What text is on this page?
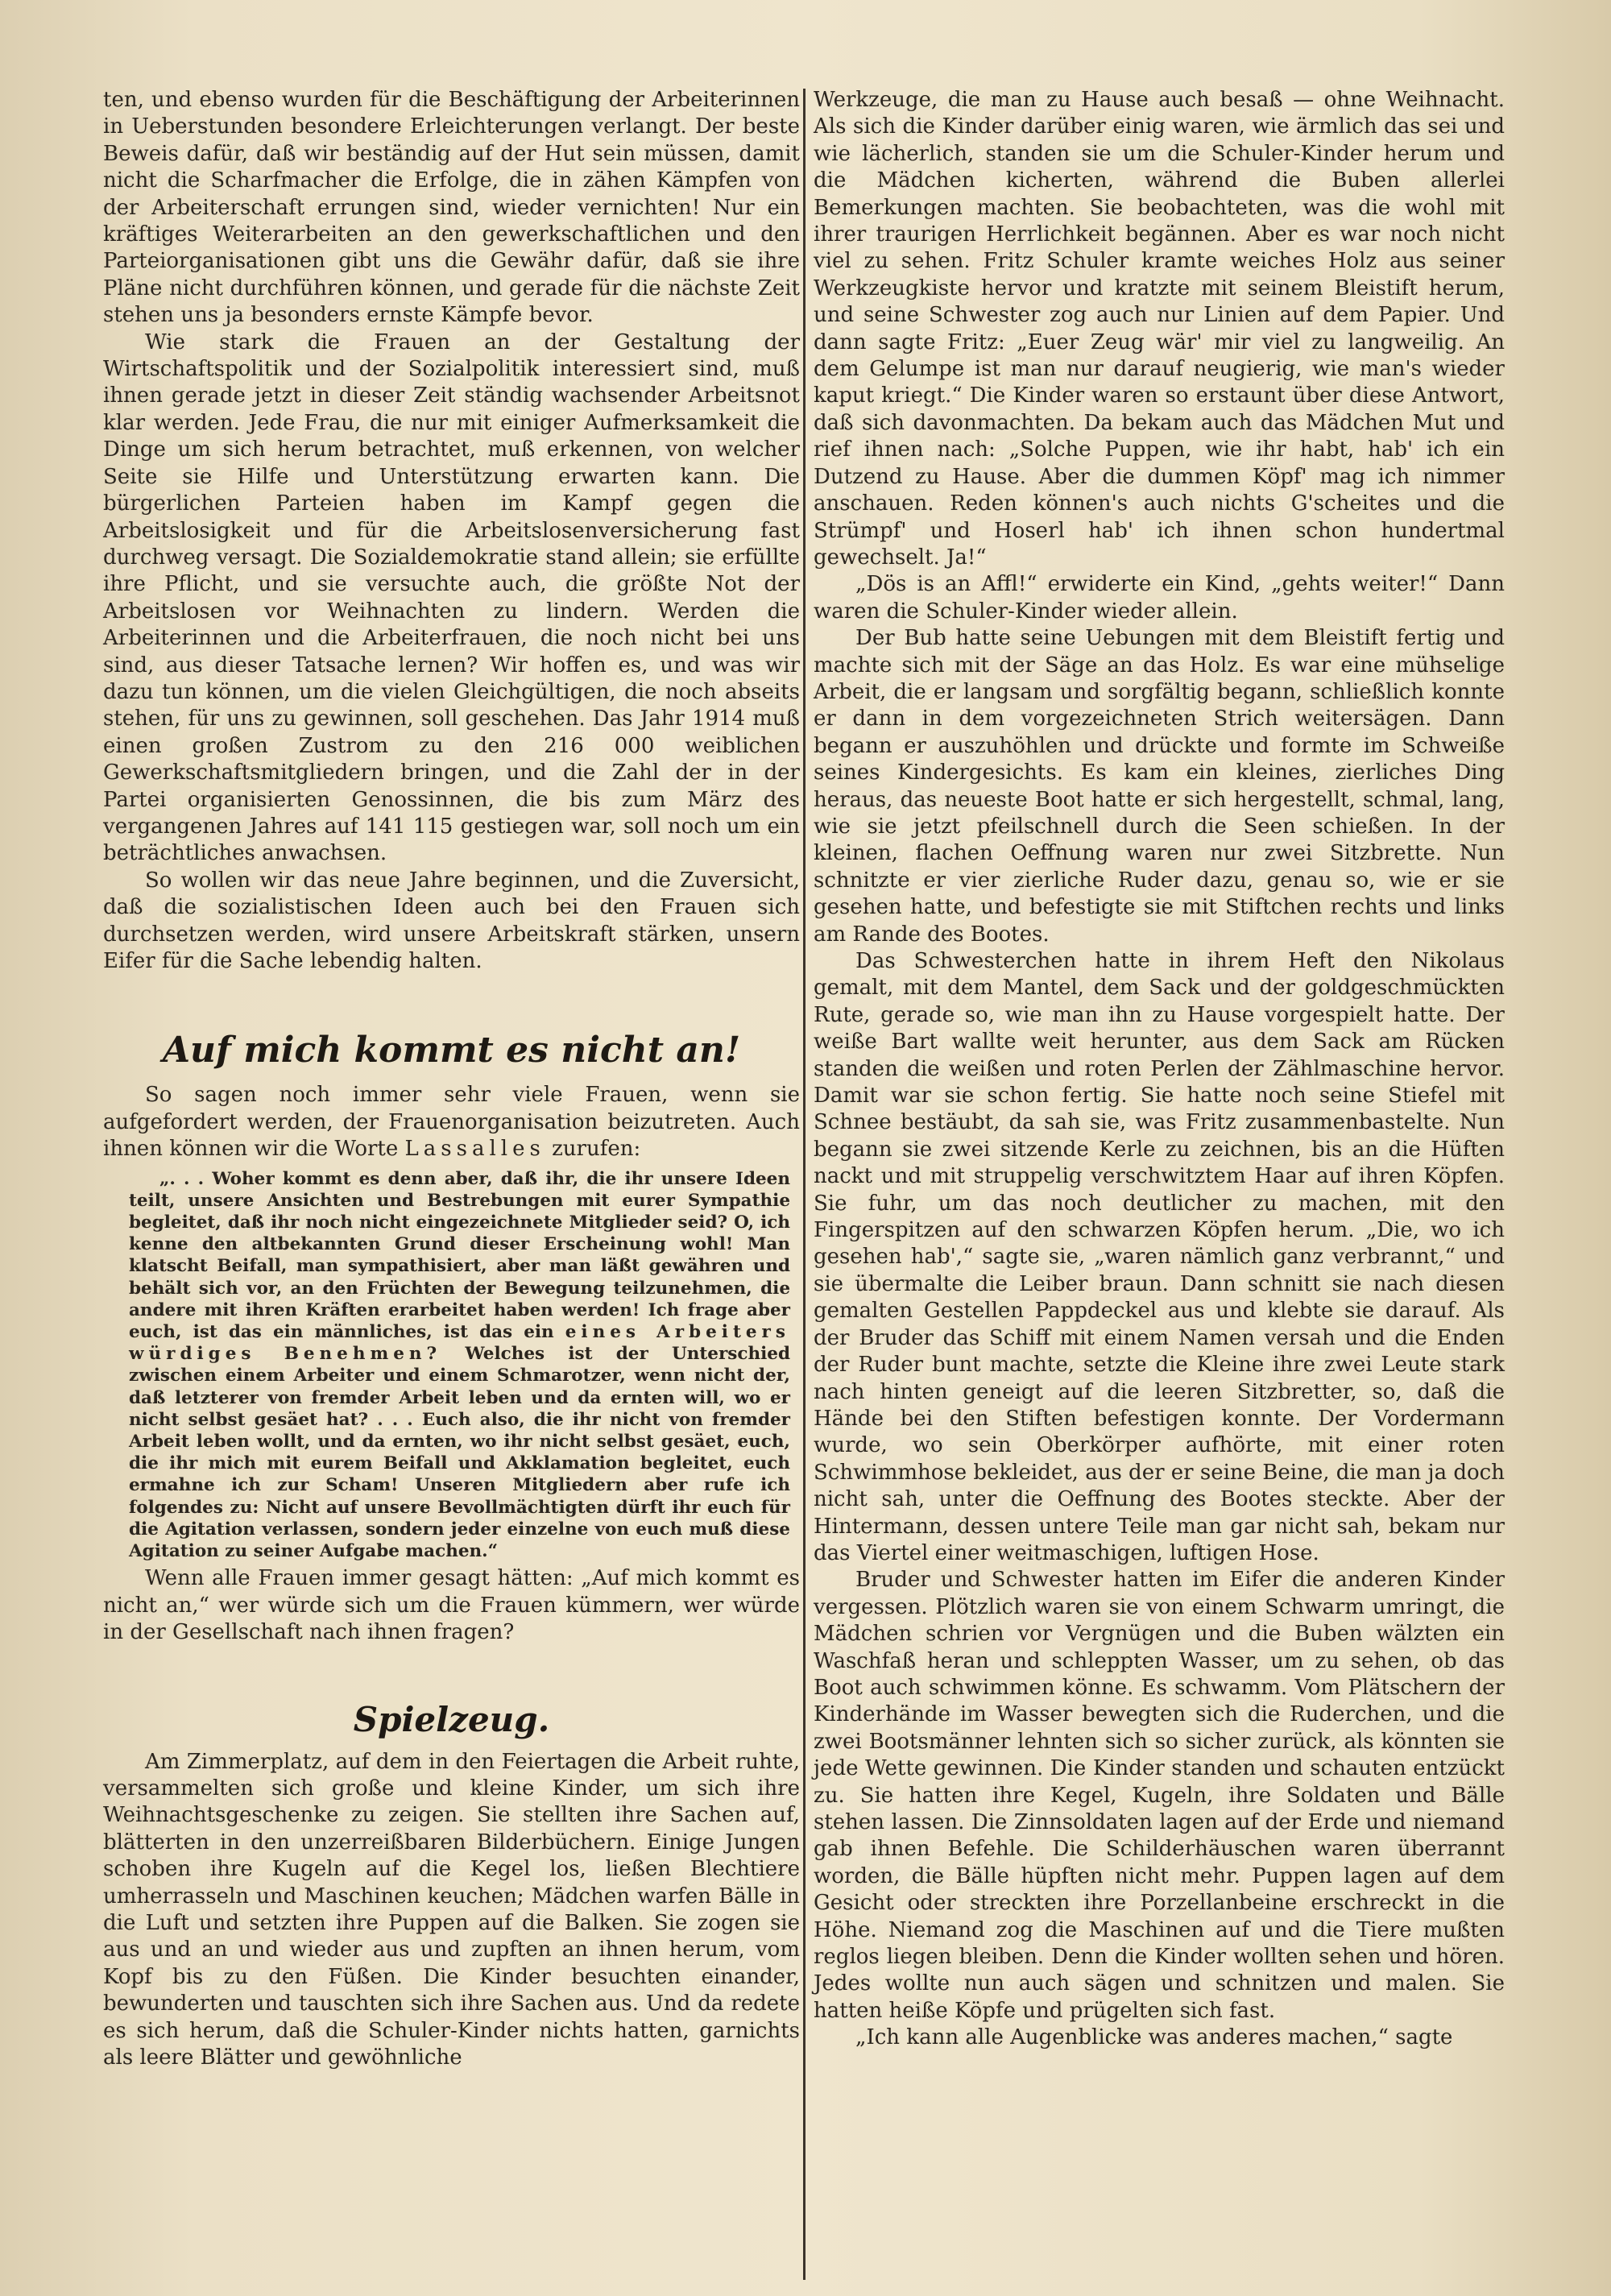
ten, und ebenso wurden für die Beschäftigung der Arbeiterinnen in Ueberstunden besondere Erleichterungen verlangt. Der beste Beweis dafür, daß wir beständig auf der Hut sein müssen, damit nicht die Scharfmacher die Erfolge, die in zähen Kämpfen von der Arbeiterschaft errungen sind, wieder vernichten! Nur ein kräftiges Weiterarbeiten an den gewerkschaftlichen und den Parteiorganisationen gibt uns die Gewähr dafür, daß sie ihre Pläne nicht durchführen können, und gerade für die nächste Zeit stehen uns ja besonders ernste Kämpfe bevor.

Wie stark die Frauen an der Gestaltung der Wirtschaftspolitik und der Sozialpolitik interessiert sind, muß ihnen gerade jetzt in dieser Zeit ständig wachsender Arbeitsnot klar werden. Jede Frau, die nur mit einiger Aufmerksamkeit die Dinge um sich herum betrachtet, muß erkennen, von welcher Seite sie Hilfe und Unterstützung erwarten kann. Die bürgerlichen Parteien haben im Kampf gegen die Arbeitslosigkeit und für die Arbeitslosenversicherung fast durchweg versagt. Die Sozialdemokratie stand allein; sie erfüllte ihre Pflicht, und sie versuchte auch, die größte Not der Arbeitslosen vor Weihnachten zu lindern. Werden die Arbeiterinnen und die Arbeiterfrauen, die noch nicht bei uns sind, aus dieser Tatsache lernen? Wir hoffen es, und was wir dazu tun können, um die vielen Gleichgültigen, die noch abseits stehen, für uns zu gewinnen, soll geschehen. Das Jahr 1914 muß einen großen Zustrom zu den 216 000 weiblichen Gewerkschaftsmitgliedern bringen, und die Zahl der in der Partei organisierten Genossinnen, die bis zum März des vergangenen Jahres auf 141 115 gestiegen war, soll noch um ein beträchtliches anwachsen.

So wollen wir das neue Jahre beginnen, und die Zuversicht, daß die sozialistischen Ideen auch bei den Frauen sich durchsetzen werden, wird unsere Arbeitskraft stärken, unsern Eifer für die Sache lebendig halten.

Auf mich kommt es nicht an!

So sagen noch immer sehr viele Frauen, wenn sie aufgefordert werden, der Frauenorganisation beizutreten. Auch ihnen können wir die Worte Lassalles zurufen:

„. . . Woher kommt es denn aber, daß ihr, die ihr unsere Ideen teilt, unsere Ansichten und Bestrebungen mit eurer Sympathie begleitet, daß ihr noch nicht eingezeichnete Mitglieder seid? O, ich kenne den altbekannten Grund dieser Erscheinung wohl! Man klatscht Beifall, man sympathisiert, aber man läßt gewähren und behält sich vor, an den Früchten der Bewegung teilzunehmen, die andere mit ihren Kräften erarbeitet haben werden! Ich frage aber euch, ist das ein männliches, ist das ein eines Arbeiters würdiges Benehmen? Welches ist der Unterschied zwischen einem Arbeiter und einem Schmarotzer, wenn nicht der, daß letzterer von fremder Arbeit leben und da ernten will, wo er nicht selbst gesäet hat? . . . Euch also, die ihr nicht von fremder Arbeit leben wollt, und da ernten, wo ihr nicht selbst gesäet, euch, die ihr mich mit eurem Beifall und Akklamation begleitet, euch ermahne ich zur Scham! Unseren Mitgliedern aber rufe ich folgendes zu: Nicht auf unsere Bevollmächtigten dürft ihr euch für die Agitation verlassen, sondern jeder einzelne von euch muß diese Agitation zu seiner Aufgabe machen.“

Wenn alle Frauen immer gesagt hätten: „Auf mich kommt es nicht an,“ wer würde sich um die Frauen kümmern, wer würde in der Gesellschaft nach ihnen fragen?

Spielzeug.

Am Zimmerplatz, auf dem in den Feiertagen die Arbeit ruhte, versammelten sich große und kleine Kinder, um sich ihre Weihnachtsgeschenke zu zeigen. Sie stellten ihre Sachen auf, blätterten in den unzerreißbaren Bilderbüchern. Einige Jungen schoben ihre Kugeln auf die Kegel los, ließen Blechtiere umherrasseln und Maschinen keuchen; Mädchen warfen Bälle in die Luft und setzten ihre Puppen auf die Balken. Sie zogen sie aus und an und wieder aus und zupften an ihnen herum, vom Kopf bis zu den Füßen. Die Kinder besuchten einander, bewunderten und tauschten sich ihre Sachen aus. Und da redete es sich herum, daß die Schuler-Kinder nichts hatten, garnichts als leere Blätter und gewöhnliche

Werkzeuge, die man zu Hause auch besaß — ohne Weihnacht. Als sich die Kinder darüber einig waren, wie ärmlich das sei und wie lächerlich, standen sie um die Schuler-Kinder herum und die Mädchen kicherten, während die Buben allerlei Bemerkungen machten. Sie beobachteten, was die wohl mit ihrer traurigen Herrlichkeit begännen. Aber es war noch nicht viel zu sehen. Fritz Schuler kramte weiches Holz aus seiner Werkzeugkiste hervor und kratzte mit seinem Bleistift herum, und seine Schwester zog auch nur Linien auf dem Papier. Und dann sagte Fritz: „Euer Zeug wär' mir viel zu langweilig. An dem Gelumpe ist man nur darauf neugierig, wie man's wieder kaput kriegt.“ Die Kinder waren so erstaunt über diese Antwort, daß sich davonmachten. Da bekam auch das Mädchen Mut und rief ihnen nach: „Solche Puppen, wie ihr habt, hab' ich ein Dutzend zu Hause. Aber die dummen Köpf' mag ich nimmer anschauen. Reden können's auch nichts G'scheites und die Strümpf' und Hoserl hab' ich ihnen schon hundertmal gewechselt. Ja!“

„Dös is an Affl!“ erwiderte ein Kind, „gehts weiter!“ Dann waren die Schuler-Kinder wieder allein.

Der Bub hatte seine Uebungen mit dem Bleistift fertig und machte sich mit der Säge an das Holz. Es war eine mühselige Arbeit, die er langsam und sorgfältig begann, schließlich konnte er dann in dem vorgezeichneten Strich weitersägen. Dann begann er auszuhöhlen und drückte und formte im Schweiße seines Kindergesichts. Es kam ein kleines, zierliches Ding heraus, das neueste Boot hatte er sich hergestellt, schmal, lang, wie sie jetzt pfeilschnell durch die Seen schießen. In der kleinen, flachen Oeffnung waren nur zwei Sitzbrette. Nun schnitzte er vier zierliche Ruder dazu, genau so, wie er sie gesehen hatte, und befestigte sie mit Stiftchen rechts und links am Rande des Bootes.

Das Schwesterchen hatte in ihrem Heft den Nikolaus gemalt, mit dem Mantel, dem Sack und der goldgeschmückten Rute, gerade so, wie man ihn zu Hause vorgespielt hatte. Der weiße Bart wallte weit herunter, aus dem Sack am Rücken standen die weißen und roten Perlen der Zählmaschine hervor. Damit war sie schon fertig. Sie hatte noch seine Stiefel mit Schnee bestäubt, da sah sie, was Fritz zusammenbastelte. Nun begann sie zwei sitzende Kerle zu zeichnen, bis an die Hüften nackt und mit struppelig verschwitztem Haar auf ihren Köpfen. Sie fuhr, um das noch deutlicher zu machen, mit den Fingerspitzen auf den schwarzen Köpfen herum. „Die, wo ich gesehen hab',“ sagte sie, „waren nämlich ganz verbrannt,“ und sie übermalte die Leiber braun. Dann schnitt sie nach diesen gemalten Gestellen Pappdeckel aus und klebte sie darauf. Als der Bruder das Schiff mit einem Namen versah und die Enden der Ruder bunt machte, setzte die Kleine ihre zwei Leute stark nach hinten geneigt auf die leeren Sitzbretter, so, daß die Hände bei den Stiften befestigen konnte. Der Vordermann wurde, wo sein Oberkörper aufhörte, mit einer roten Schwimmhose bekleidet, aus der er seine Beine, die man ja doch nicht sah, unter die Oeffnung des Bootes steckte. Aber der Hintermann, dessen untere Teile man gar nicht sah, bekam nur das Viertel einer weitmaschigen, luftigen Hose.

Bruder und Schwester hatten im Eifer die anderen Kinder vergessen. Plötzlich waren sie von einem Schwarm umringt, die Mädchen schrien vor Vergnügen und die Buben wälzten ein Waschfaß heran und schleppten Wasser, um zu sehen, ob das Boot auch schwimmen könne. Es schwamm. Vom Plätschern der Kinderhände im Wasser bewegten sich die Ruderchen, und die zwei Bootsmänner lehnten sich so sicher zurück, als könnten sie jede Wette gewinnen. Die Kinder standen und schauten entzückt zu. Sie hatten ihre Kegel, Kugeln, ihre Soldaten und Bälle stehen lassen. Die Zinnsoldaten lagen auf der Erde und niemand gab ihnen Befehle. Die Schilderhäuschen waren überrannt worden, die Bälle hüpften nicht mehr. Puppen lagen auf dem Gesicht oder streckten ihre Porzellanbeine erschreckt in die Höhe. Niemand zog die Maschinen auf und die Tiere mußten reglos liegen bleiben. Denn die Kinder wollten sehen und hören. Jedes wollte nun auch sägen und schnitzen und malen. Sie hatten heiße Köpfe und prügelten sich fast.

„Ich kann alle Augenblicke was anderes machen,“ sagte
